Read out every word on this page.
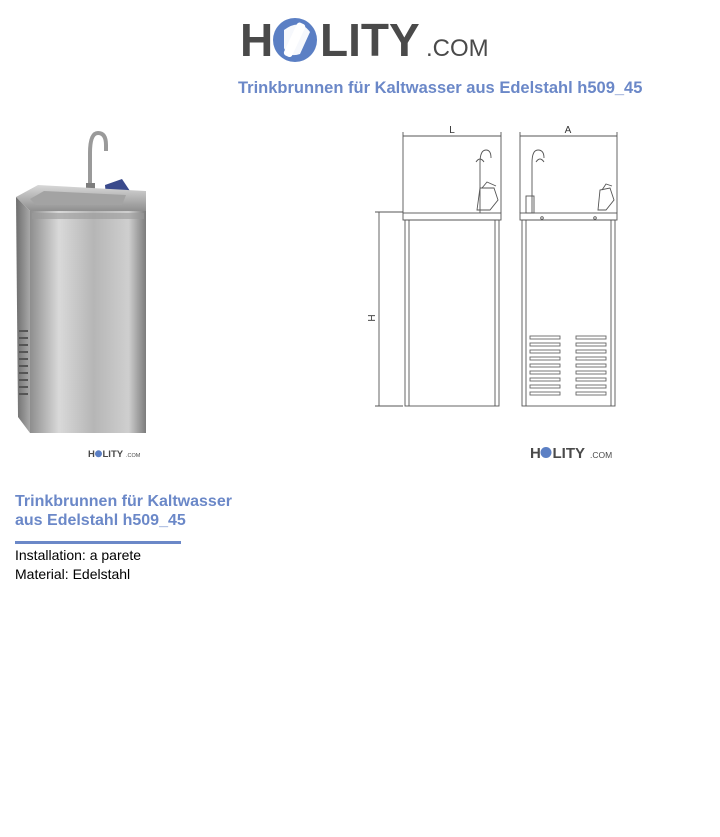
H LITY .COM
Trinkbrunnen für Kaltwasser aus Edelstahl h509_45
H LITY .COM
L	A
H
H LITY .COM
Trinkbrunnen für Kaltwasser
aus Edelstahl h509_45
Installation: a parete
Material: Edelstahl
